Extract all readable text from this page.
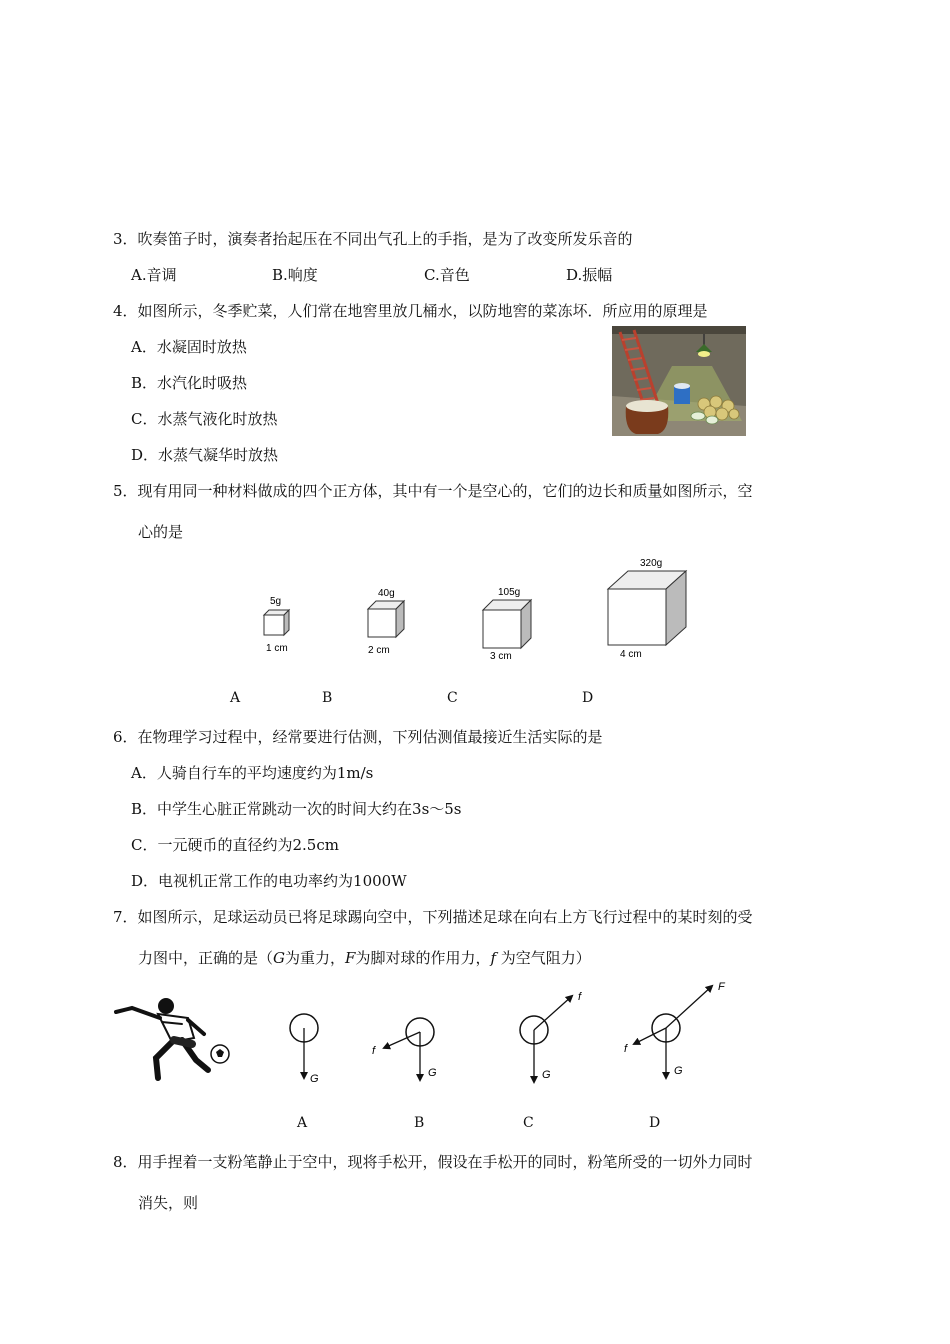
3．吹奏笛子时，演奏者抬起压在不同出气孔上的手指，是为了改变所发乐音的
A.音调	B.响度	C.音色	D.振幅
4．如图所示，冬季贮菜，人们常在地窖里放几桶水，以防地窖的菜冻坏．所应用的原理是
A．水凝固时放热
B．水汽化时吸热
C．水蒸气液化时放热
D．水蒸气凝华时放热
5．现有用同一种材料做成的四个正方体，其中有一个是空心的，它们的边长和质量如图所示，空
心的是
5g
1 cm
40g
2 cm
105g
3 cm
320g
4 cm
A	B	C	D
6．在物理学习过程中，经常要进行估测，下列估测值最接近生活实际的是
A．人骑自行车的平均速度约为1m/s
B．中学生心脏正常跳动一次的时间大约在3s～5s
C．一元硬币的直径约为2.5cm
D．电视机正常工作的电功率约为1000W
7．如图所示，足球运动员已将足球踢向空中，下列描述足球在向右上方飞行过程中的某时刻的受
力图中，正确的是（G为重力，F为脚对球的作用力，f 为空气阻力）
G
f
G
f
G
F
f
G
A	B	C	D
8．用手捏着一支粉笔静止于空中，现将手松开，假设在手松开的同时，粉笔所受的一切外力同时
消失，则
